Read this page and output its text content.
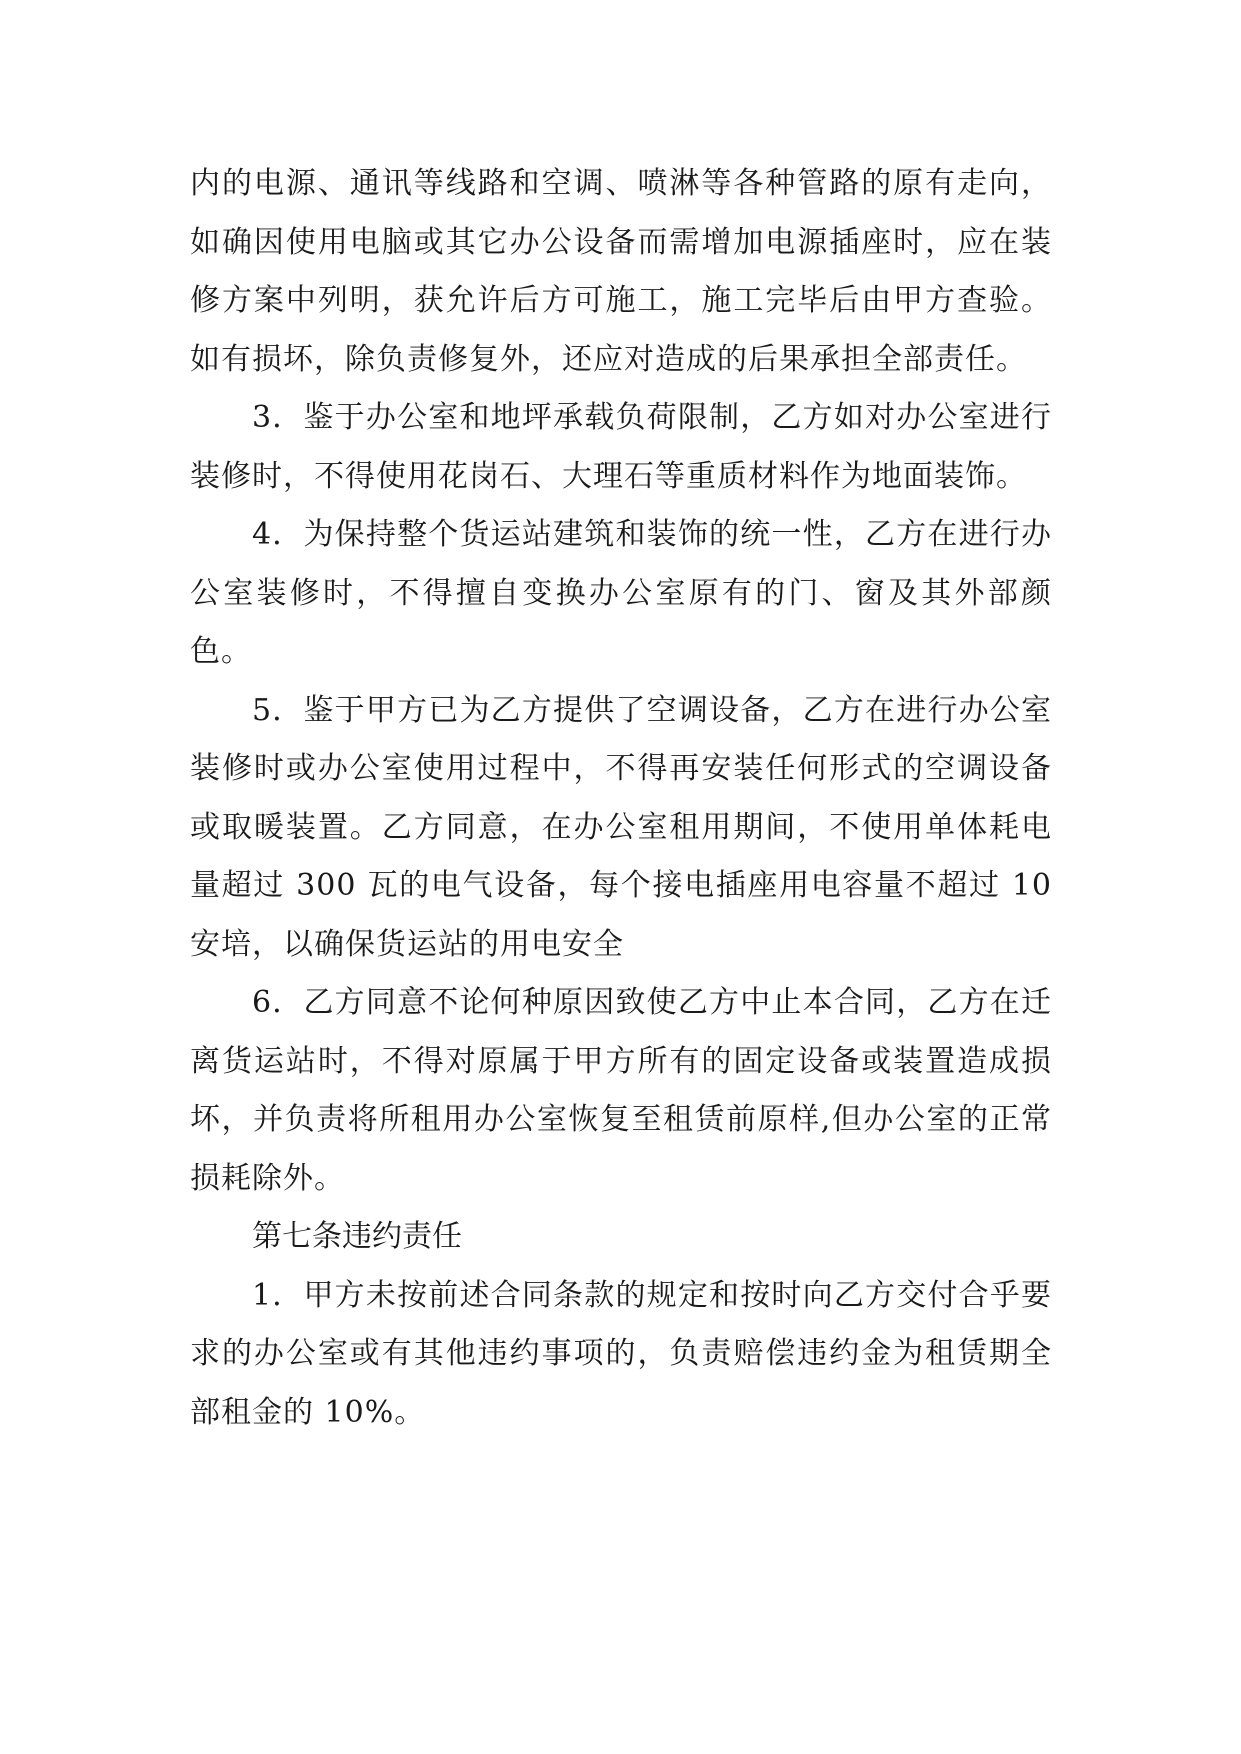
内的电源、通讯等线路和空调、喷淋等各种管路的原有走向，如确因使用电脑或其它办公设备而需增加电源插座时，应在装修方案中列明，获允许后方可施工，施工完毕后由甲方查验。如有损坏，除负责修复外，还应对造成的后果承担全部责任。

3．鉴于办公室和地坪承载负荷限制，乙方如对办公室进行装修时，不得使用花岗石、大理石等重质材料作为地面装饰。

4．为保持整个货运站建筑和装饰的统一性，乙方在进行办公室装修时，不得擅自变换办公室原有的门、窗及其外部颜色。

5．鉴于甲方已为乙方提供了空调设备，乙方在进行办公室装修时或办公室使用过程中，不得再安装任何形式的空调设备或取暖装置。乙方同意，在办公室租用期间，不使用单体耗电量超过 300 瓦的电气设备，每个接电插座用电容量不超过 10 安培，以确保货运站的用电安全

6．乙方同意不论何种原因致使乙方中止本合同，乙方在迁离货运站时，不得对原属于甲方所有的固定设备或装置造成损坏，并负责将所租用办公室恢复至租赁前原样,但办公室的正常损耗除外。

第七条违约责任

1．甲方未按前述合同条款的规定和按时向乙方交付合乎要求的办公室或有其他违约事项的，负责赔偿违约金为租赁期全部租金的 10%。
